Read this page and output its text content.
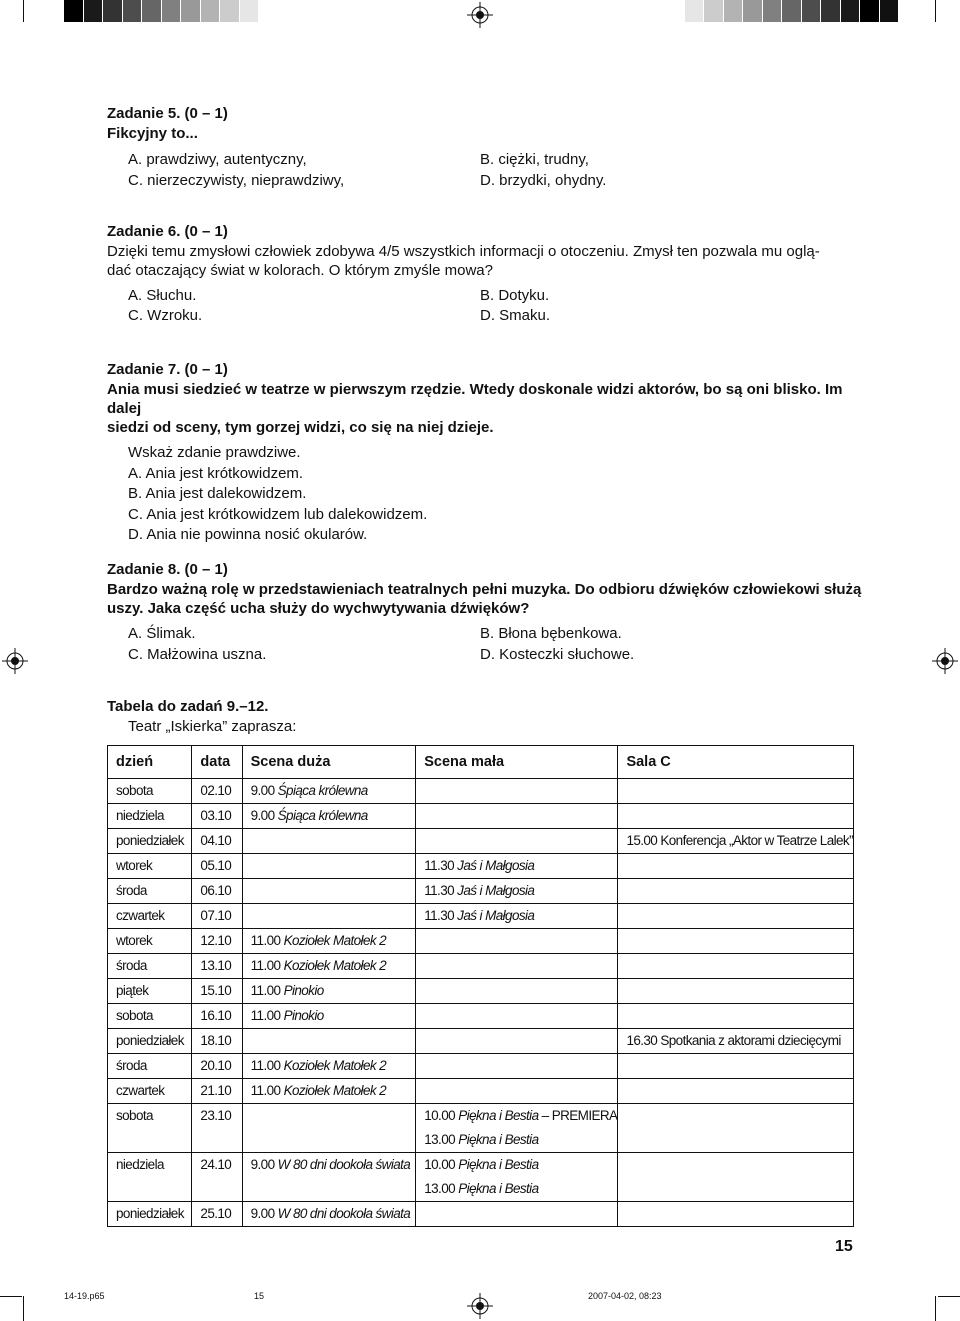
Zadanie 5. (0 – 1)
Fikcyjny to...
A. prawdziwy, autentyczny,	B. ciężki, trudny,
C. nierzeczywisty, nieprawdziwy,	D. brzydki, ohydny.
Zadanie 6. (0 – 1)
Dzięki temu zmysłowi człowiek zdobywa 4/5 wszystkich informacji o otoczeniu. Zmysł ten pozwala mu oglą-
dać otaczający świat w kolorach. O którym zmyśle mowa?
A. Słuchu.	B. Dotyku.
C. Wzroku.	D. Smaku.
Zadanie 7. (0 – 1)
Ania musi siedzieć w teatrze w pierwszym rzędzie. Wtedy doskonale widzi aktorów, bo są oni blisko. Im dalej
siedzi od sceny, tym gorzej widzi, co się na niej dzieje.
Wskaż zdanie prawdziwe.
A. Ania jest krótkowidzem.
B. Ania jest dalekowidzem.
C. Ania jest krótkowidzem lub dalekowidzem.
D. Ania nie powinna nosić okularów.
Zadanie 8. (0 – 1)
Bardzo ważną rolę w przedstawieniach teatralnych pełni muzyka. Do odbioru dźwięków człowiekowi służą
uszy. Jaka część ucha służy do wychwytywania dźwięków?
A. Ślimak.	B. Błona bębenkowa.
C. Małżowina uszna.	D. Kosteczki słuchowe.
Tabela do zadań 9.–12.
Teatr „Iskierka” zaprasza:
dzień	data	Scena duża	Scena mała	Sala C
sobota	02.10	9.00 Śpiąca królewna		
niedziela	03.10	9.00 Śpiąca królewna		
poniedziałek	04.10			15.00 Konferencja „Aktor w Teatrze Lalek”
wtorek	05.10		11.30 Jaś i Małgosia	

środa	06.10		11.30 Jaś i Małgosia	

czwartek	07.10		11.30 Jaś i Małgosia	

wtorek	12.10	11.00 Koziołek Matołek 2		
środa	13.10	11.00 Koziołek Matołek 2		
piątek	15.10	11.00 Pinokio		
sobota	16.10	11.00 Pinokio		
poniedziałek	18.10			16.30 Spotkania z aktorami dziecięcymi
środa	20.10	11.00 Koziołek Matołek 2		
czwartek	21.10	11.00 Koziołek Matołek 2		
sobota	23.10		10.00 Piękna i Bestia – PREMIERA
13.00 Piękna i Bestia	

niedziela	24.10	9.00 W 80 dni dookoła świata	10.00 Piękna i Bestia
13.00 Piękna i Bestia	

poniedziałek	25.10	9.00 W 80 dni dookoła świata		
15
14-19.p65	15	2007-04-02, 08:23
